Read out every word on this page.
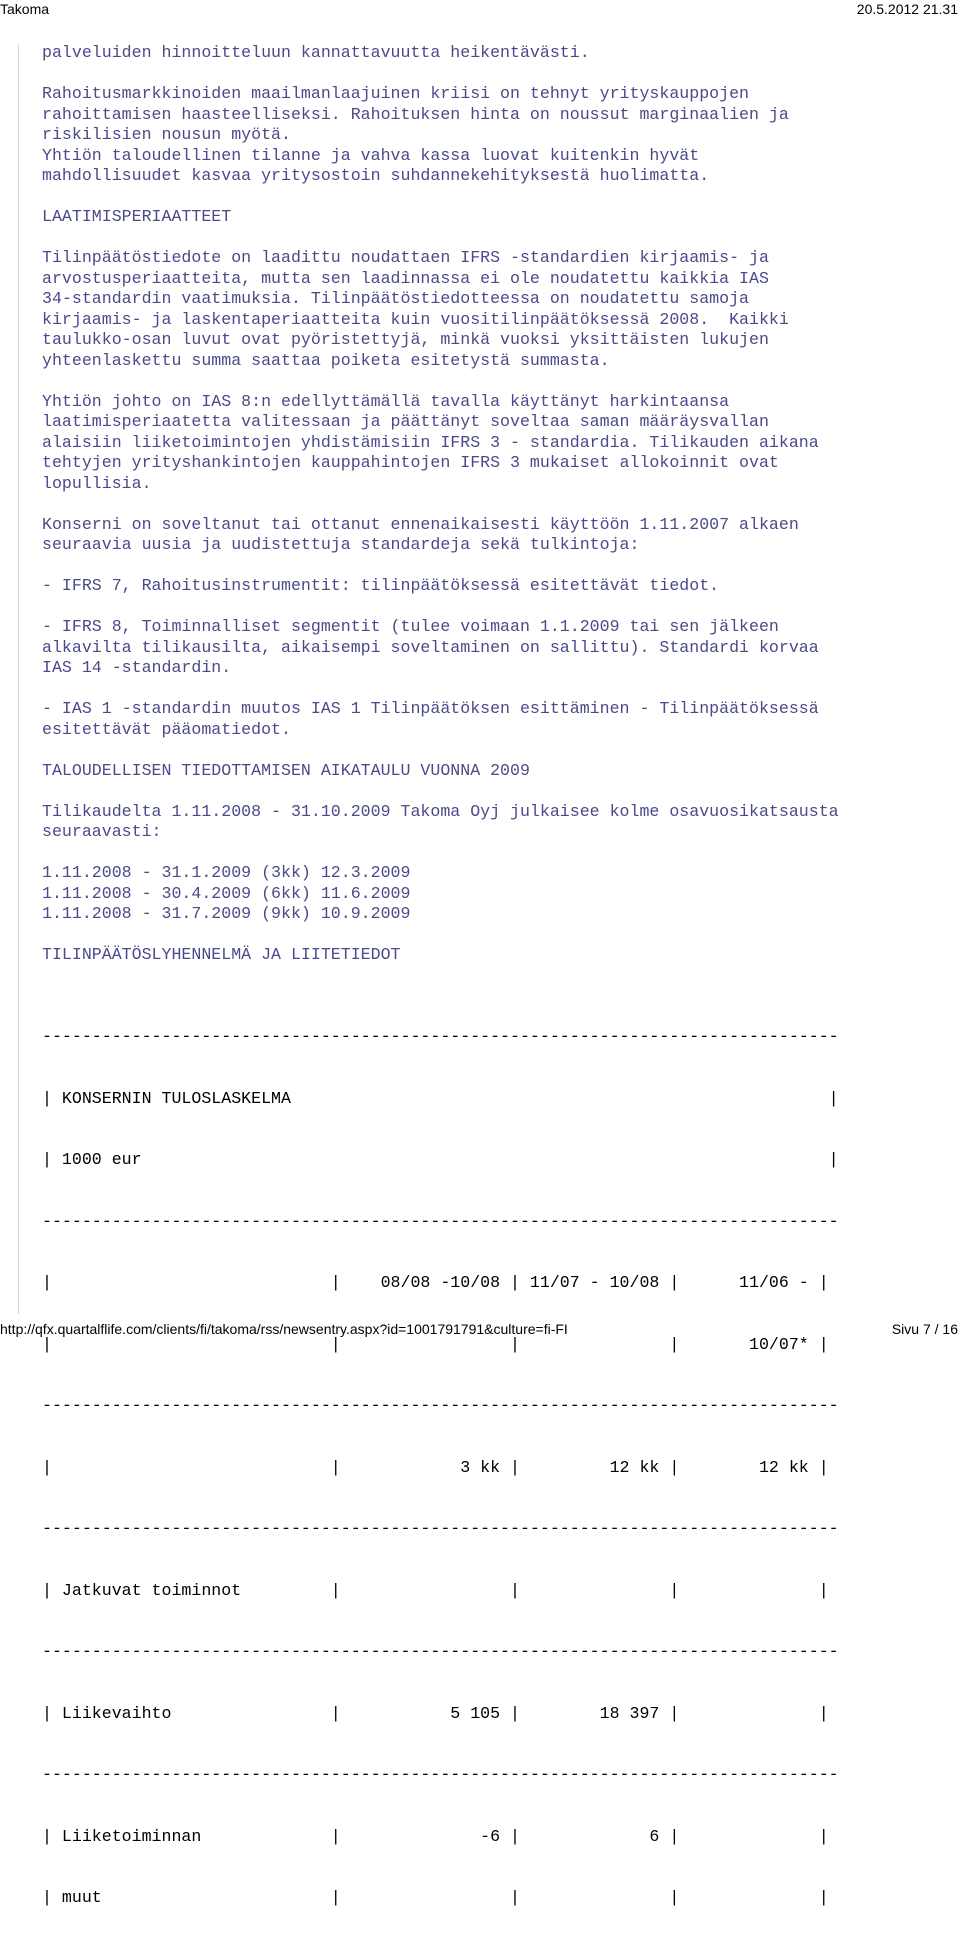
Takoma	20.5.2012 21.31

palveluiden hinnoitteluun kannattavuutta heikentävästi.

Rahoitusmarkkinoiden maailmanlaajuinen kriisi on tehnyt yrityskauppojen
rahoittamisen haasteelliseksi. Rahoituksen hinta on noussut marginaalien ja
riskilisien nousun myötä.
Yhtiön taloudellinen tilanne ja vahva kassa luovat kuitenkin hyvät
mahdollisuudet kasvaa yritysostoin suhdannekehityksestä huolimatta.

LAATIMISPERIAATTEET

Tilinpäätöstiedote on laadittu noudattaen IFRS -standardien kirjaamis- ja
arvostusperiaatteita, mutta sen laadinnassa ei ole noudatettu kaikkia IAS
34-standardin vaatimuksia. Tilinpäätöstiedotteessa on noudatettu samoja
kirjaamis- ja laskentaperiaatteita kuin vuositilinpäätöksessä 2008.  Kaikki
taulukko-osan luvut ovat pyöristettyjä, minkä vuoksi yksittäisten lukujen
yhteenlaskettu summa saattaa poiketa esitetystä summasta.

Yhtiön johto on IAS 8:n edellyttämällä tavalla käyttänyt harkintaansa
laatimisperiaatetta valitessaan ja päättänyt soveltaa saman määräysvallan
alaisiin liiketoimintojen yhdistämisiin IFRS 3 - standardia. Tilikauden aikana
tehtyjen yrityshankintojen kauppahintojen IFRS 3 mukaiset allokoinnit ovat
lopullisia.

Konserni on soveltanut tai ottanut ennenaikaisesti käyttöön 1.11.2007 alkaen
seuraavia uusia ja uudistettuja standardeja sekä tulkintoja:

- IFRS 7, Rahoitusinstrumentit: tilinpäätöksessä esitettävät tiedot.

- IFRS 8, Toiminnalliset segmentit (tulee voimaan 1.1.2009 tai sen jälkeen
alkavilta tilikausilta, aikaisempi soveltaminen on sallittu). Standardi korvaa
IAS 14 -standardin.

- IAS 1 -standardin muutos IAS 1 Tilinpäätöksen esittäminen - Tilinpäätöksessä
esitettävät pääomatiedot.

TALOUDELLISEN TIEDOTTAMISEN AIKATAULU VUONNA 2009

Tilikaudelta 1.11.2008 - 31.10.2009 Takoma Oyj julkaisee kolme osavuosikatsausta
seuraavasti:

1.11.2008 - 31.1.2009 (3kk) 12.3.2009
1.11.2008 - 30.4.2009 (6kk) 11.6.2009
1.11.2008 - 31.7.2009 (9kk) 10.9.2009

TILINPÄÄTÖSLYHENNELMÄ JA LIITETIEDOT

--------------------------------------------------------------------------------

| KONSERNIN TULOSLASKELMA                                                      |

| 1000 eur                                                                     |

--------------------------------------------------------------------------------

|                            |    08/08 -10/08 | 11/07 - 10/08 |      11/06 - |

|                            |                 |               |       10/07* |

--------------------------------------------------------------------------------

|                            |            3 kk |         12 kk |        12 kk |

--------------------------------------------------------------------------------

| Jatkuvat toiminnot         |                 |               |              |

--------------------------------------------------------------------------------

| Liikevaihto                |           5 105 |        18 397 |              |

--------------------------------------------------------------------------------

| Liiketoiminnan             |              -6 |             6 |              |

| muut                       |                 |               |              |

http://qfx.quartalflife.com/clients/fi/takoma/rss/newsentry.aspx?id=1001791791&culture=fi-FI	Sivu 7 / 16
